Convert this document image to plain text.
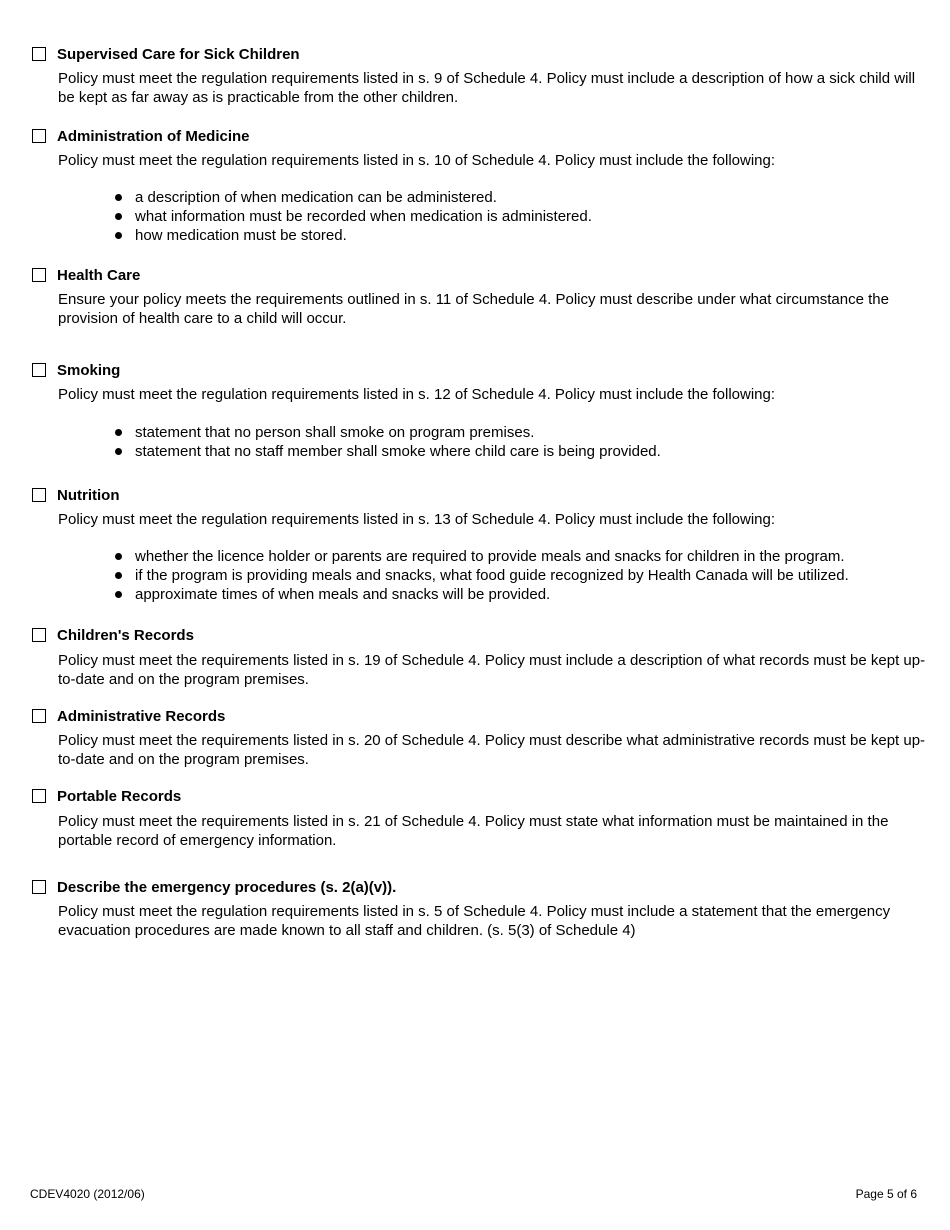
Supervised Care for Sick Children

Policy must meet the regulation requirements listed in s. 9 of Schedule 4. Policy must include a description of how a sick child will be kept as far away as is practicable from the other children.

Administration of Medicine

Policy must meet the regulation requirements listed in s. 10 of Schedule 4. Policy must include the following:

a description of when medication can be administered.
what information must be recorded when medication is administered.
how medication must be stored.
Health Care

Ensure your policy meets the requirements outlined in s. 11 of Schedule 4. Policy must describe under what circumstance the provision of health care to a child will occur.

Smoking

Policy must meet the regulation requirements listed in s. 12 of Schedule 4. Policy must include the following:

statement that no person shall smoke on program premises.
statement that no staff member shall smoke where child care is being provided.
Nutrition

Policy must meet the regulation requirements listed in s. 13 of Schedule 4. Policy must include the following:

whether the licence holder or parents are required to provide meals and snacks for children in the program.
if the program is providing meals and snacks, what food guide recognized by Health Canada will be utilized.
approximate times of when meals and snacks will be provided.
Children's Records

Policy must meet the requirements listed in s. 19 of Schedule 4. Policy must include a description of what records must be kept up-to-date and on the program premises.

Administrative Records

Policy must meet the requirements listed in s. 20 of Schedule 4. Policy must describe what administrative records must be kept up-to-date and on the program premises.

Portable Records

Policy must meet the requirements listed in s. 21 of Schedule 4. Policy must state what information must be maintained in the portable record of emergency information.

Describe the emergency procedures (s. 2(a)(v)).

Policy must meet the regulation requirements listed in s. 5 of Schedule 4. Policy must include a statement that the emergency evacuation procedures are made known to all staff and children. (s. 5(3) of Schedule 4)

CDEV4020 (2012/06)	Page 5 of 6
